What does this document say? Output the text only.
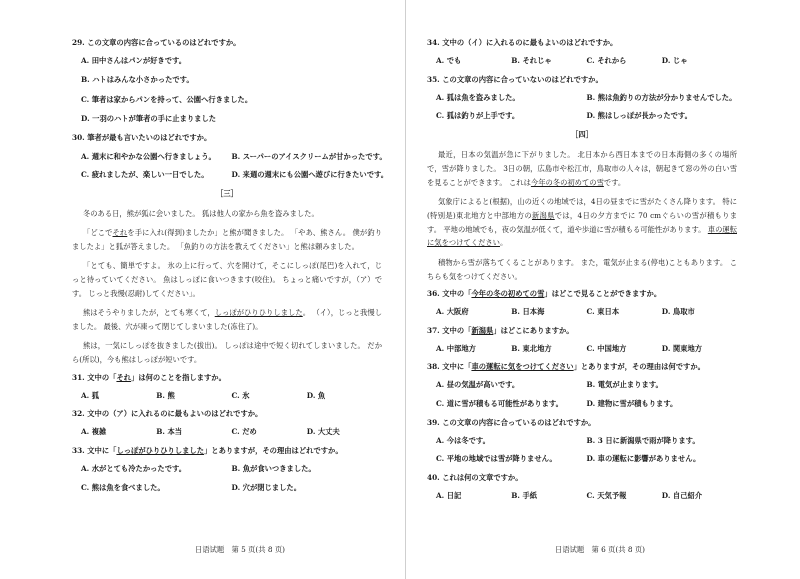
29. この文章の内容に合っているのはどれですか。
A. 田中さんはパンが好きです。
B. ハトはみんな小さかったです。
C. 筆者は家からパンを持って、公園へ行きました。
D. 一羽のハトが筆者の手に止まりました
30. 筆者が最も言いたいのはどれですか。
A. 週末に和やかな公園へ行きましょう。	B. スーパーのアイスクリームが甘かったです。
C. 疲れましたが、楽しい一日でした。	D. 来週の週末にも公園へ遊びに行きたいです。
［三］
冬のある日，熊が狐に会いました。 狐は他人の家から魚を盗みました。
「どこでそれを手に入れ(得到)ましたか」と熊が聞きました。 「やあ、熊さん。 僕が釣りましたよ」と狐が答えました。 「魚釣りの方法を教えてください」と熊は頼みました。
「とても、簡単ですよ。 氷の上に行って、穴を開けて，そこにしっぽ(尾巴)を入れて，じっと待っていてください。 魚はしっぽに食いつきます(咬住)。 ちょっと痛いですが，（ア）です。 じっと我慢(忍耐)してください」。
熊はそうやりましたが，とても寒くて，しっぽがひりひりしました。 （イ），じっと我慢しました。 最後、穴が凍って閉じてしまいました(冻住了)。
熊は，一気にしっぽを抜きました(拔出)。 しっぽは途中で短く切れてしまいました。 だから(所以)，今も熊はしっぽが短いです。
31. 文中の「それ」は何のことを指しますか。
A. 狐	B. 熊	C. 氷	D. 魚
32. 文中の（ア）に入れるのに最もよいのはどれですか。
A. 複雑	B. 本当	C. だめ	D. 大丈夫
33. 文中に「しっぽがひりひりしました」とありますが，その理由はどれですか。
A. 水がとても冷たかったです。	B. 魚が食いつきました。
C. 熊は魚を食べました。	D. 穴が閉じました。
34. 文中の（イ）に入れるのに最もよいのはどれですか。
A. でも	B. それじゃ	C. それから	D. じゃ
35. この文章の内容に合っていないのはどれですか。
A. 狐は魚を盗みました。	B. 熊は魚釣りの方法が分かりませんでした。
C. 狐は釣りが上手です。	D. 熊はしっぽが長かったです。
［四］
最近，日本の気温が急に下がりました。 北日本から西日本までの日本海側の多くの場所で，雪が降りました。 3日の朝，広島市や松江市，鳥取市の人々は，朝起きて窓の外の白い雪を見ることができます。 これは今年の冬の初めての雪です。
気象庁によると(根据)，山の近くの地域では，4日の昼までに雪がたくさん降ります。 特に(特别是)東北地方と中部地方の新潟県では，4日の夕方までに 70 cmぐらいの雪が積もります。 平地の地域でも，夜の気温が低くて，道や歩道に雪が積もる可能性があります。 車の運転に気をつけてください。
積物から雪が落ちてくることがあります。 また，電気が止まる(停电)こともあります。 こちらも気をつけてください。
36. 文中の「今年の冬の初めての雪」はどこで見ることができますか。
A. 大阪府	B. 日本海	C. 東日本	D. 鳥取市
37. 文中の「新潟県」はどこにありますか。
A. 中部地方	B. 東北地方	C. 中国地方	D. 関東地方
38. 文中に「車の運転に気をつけてください」とありますが，その理由は何ですか。
A. 昼の気温が高いです。	B. 電気が止まります。
C. 道に雪が積もる可能性があります。	D. 建物に雪が積もります。
39. この文章の内容に合っているのはどれですか。
A. 今は冬です。	B. 3 日に新潟県で雨が降ります。
C. 平地の地域では雪が降りません。	D. 車の運転に影響がありません。
40. これは何の文章ですか。
A. 日記	B. 手紙	C. 天気予報	D. 自己紹介
日语试题　第 5 页(共 8 页)	日语试题　第 6 页(共 8 页)
